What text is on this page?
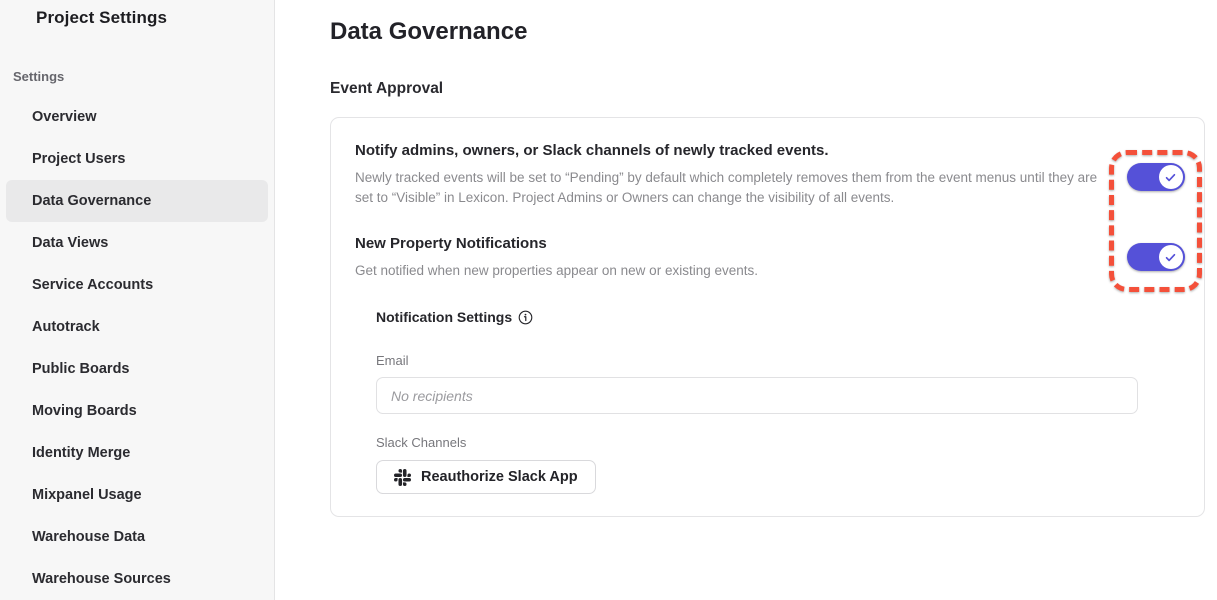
Project Settings
Settings
Overview
Project Users
Data Governance
Data Views
Service Accounts
Autotrack
Public Boards
Moving Boards
Identity Merge
Mixpanel Usage
Warehouse Data
Warehouse Sources
Data Governance
Event Approval
Notify admins, owners, or Slack channels of newly tracked events.

Newly tracked events will be set to “Pending” by default which completely removes them from the event menus until they are set to “Visible” in Lexicon. Project Admins or Owners can change the visibility of all events.

New Property Notifications

Get notified when new properties appear on new or existing events.

Notification Settings
Email
No recipients
Slack Channels
Reauthorize Slack App
